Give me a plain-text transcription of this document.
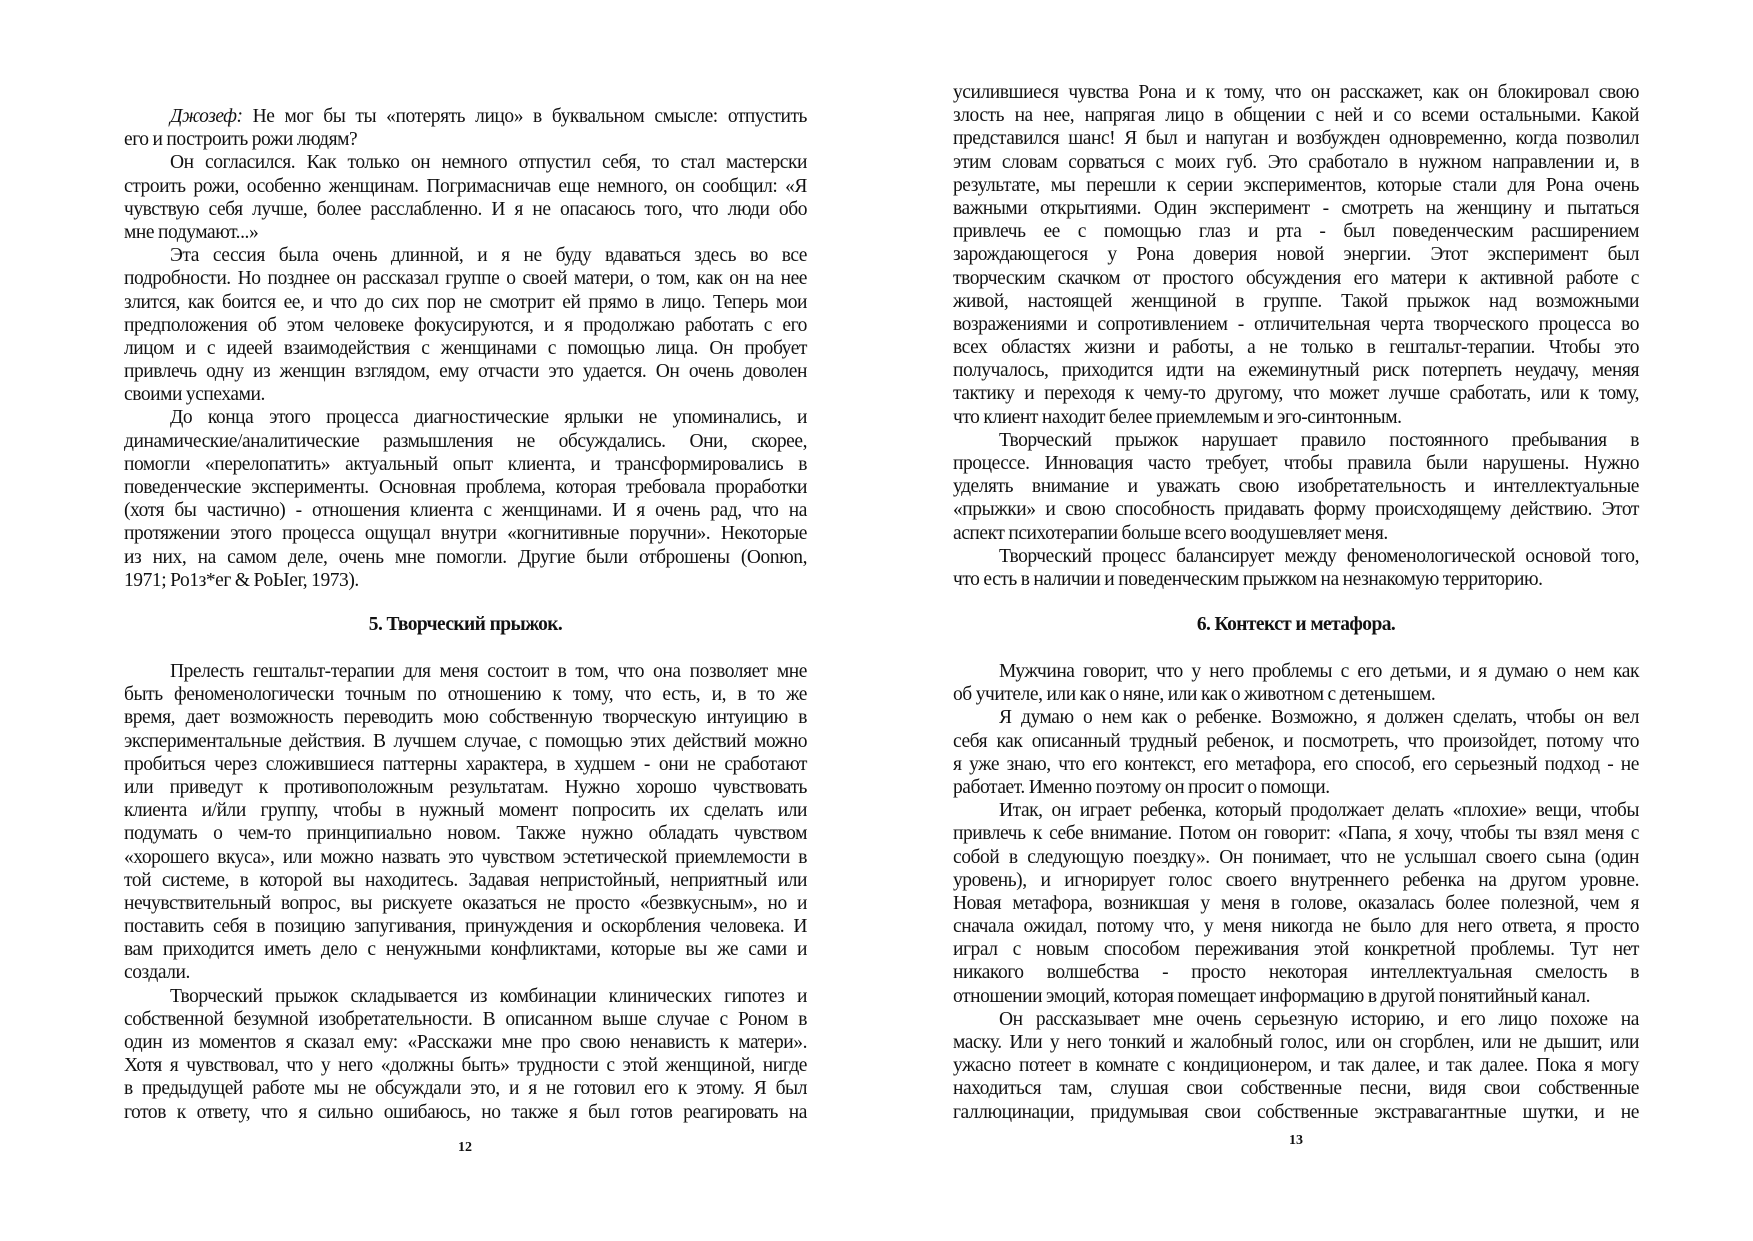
Джозеф: Не мог бы ты «потерять лицо» в буквальном смысле: отпустить
его и построить рожи людям?
Он согласился. Как только он немного отпустил себя, то стал мастерски
строить рожи, особенно женщинам. Погримасничав еще немного, он сообщил: «Я
чувствую себя лучше, более расслабленно. И я не опасаюсь того, что люди обо
мне подумают...»
Эта сессия была очень длинной, и я не буду вдаваться здесь во все
подробности. Но позднее он рассказал группе о своей матери, о том, как он на нее
злится, как боится ее, и что до сих пор не смотрит ей прямо в лицо. Теперь мои
предположения об этом человеке фокусируются, и я продолжаю работать с его
лицом и с идеей взаимодействия с женщинами с помощью лица. Он пробует
привлечь одну из женщин взглядом, ему отчасти это удается. Он очень доволен
своими успехами.
До конца этого процесса диагностические ярлыки не упоминались, и
динамические/аналитические размышления не обсуждались. Они, скорее,
помогли «перелопатить» актуальный опыт клиента, и трансформировались в
поведенческие эксперименты. Основная проблема, которая требовала проработки
(хотя бы частично) - отношения клиента с женщинами. И я очень рад, что на
протяжении этого процесса ощущал внутри «когнитивные поручни». Некоторые
из них, на самом деле, очень мне помогли. Другие были отброшены (Ооnюn,
1971; Ро1з*ег & РоЫег, 1973).
5. Творческий прыжок.
Прелесть гештальт-терапии для меня состоит в том, что она позволяет мне
быть феноменологически точным по отношению к тому, что есть, и, в то же
время, дает возможность переводить мою собственную творческую интуицию в
экспериментальные действия. В лучшем случае, с помощью этих действий можно
пробиться через сложившиеся паттерны характера, в худшем - они не сработают
или приведут к противоположным результатам. Нужно хорошо чувствовать
клиента и/йли группу, чтобы в нужный момент попросить их сделать или
подумать о чем-то принципиально новом. Также нужно обладать чувством
«хорошего вкуса», или можно назвать это чувством эстетической приемлемости в
той системе, в которой вы находитесь. Задавая непристойный, неприятный или
нечувствительный вопрос, вы рискуете оказаться не просто «безвкусным», но и
поставить себя в позицию запугивания, принуждения и оскорбления человека. И
вам приходится иметь дело с ненужными конфликтами, которые вы же сами и
создали.
Творческий прыжок складывается из комбинации клинических гипотез и
собственной безумной изобретательности. В описанном выше случае с Роном в
один из моментов я сказал ему: «Расскажи мне про свою ненависть к матери».
Хотя я чувствовал, что у него «должны быть» трудности с этой женщиной, нигде
в предыдущей работе мы не обсуждали это, и я не готовил его к этому. Я был
готов к ответу, что я сильно ошибаюсь, но также я был готов реагировать на
12
усилившиеся чувства Рона и к тому, что он расскажет, как он блокировал свою
злость на нее, напрягая лицо в общении с ней и со всеми остальными. Какой
представился шанс! Я был и напуган и возбужден одновременно, когда позволил
этим словам сорваться с моих губ. Это сработало в нужном направлении и, в
результате, мы перешли к серии экспериментов, которые стали для Рона очень
важными открытиями. Один эксперимент - смотреть на женщину и пытаться
привлечь ее с помощью глаз и рта - был поведенческим расширением
зарождающегося у Рона доверия новой энергии. Этот эксперимент был
творческим скачком от простого обсуждения его матери к активной работе с
живой, настоящей женщиной в группе. Такой прыжок над возможными
возражениями и сопротивлением - отличительная черта творческого процесса во
всех областях жизни и работы, а не только в гештальт-терапии. Чтобы это
получалось, приходится идти на ежеминутный риск потерпеть неудачу, меняя
тактику и переходя к чему-то другому, что может лучше сработать, или к тому,
что клиент находит белее приемлемым и эго-синтонным.
Творческий прыжок нарушает правило постоянного пребывания в
процессе. Инновация часто требует, чтобы правила были нарушены. Нужно
уделять внимание и уважать свою изобретательность и интеллектуальные
«прыжки» и свою способность придавать форму происходящему действию. Этот
аспект психотерапии больше всего воодушевляет меня.
Творческий процесс балансирует между феноменологической основой того,
что есть в наличии и поведенческим прыжком на незнакомую территорию.
6. Контекст и метафора.
Мужчина говорит, что у него проблемы с его детьми, и я думаю о нем как
об учителе, или как о няне, или как о животном с детенышем.
Я думаю о нем как о ребенке. Возможно, я должен сделать, чтобы он вел
себя как описанный трудный ребенок, и посмотреть, что произойдет, потому что
я уже знаю, что его контекст, его метафора, его способ, его серьезный подход - не
работает. Именно поэтому он просит о помощи.
Итак, он играет ребенка, который продолжает делать «плохие» вещи, чтобы
привлечь к себе внимание. Потом он говорит: «Папа, я хочу, чтобы ты взял меня с
собой в следующую поездку». Он понимает, что не услышал своего сына (один
уровень), и игнорирует голос своего внутреннего ребенка на другом уровне.
Новая метафора, возникшая у меня в голове, оказалась более полезной, чем я
сначала ожидал, потому что, у меня никогда не было для него ответа, я просто
играл с новым способом переживания этой конкретной проблемы. Тут нет
никакого волшебства - просто некоторая интеллектуальная смелость в
отношении эмоций, которая помещает информацию в другой понятийный канал.
Он рассказывает мне очень серьезную историю, и его лицо похоже на
маску. Или у него тонкий и жалобный голос, или он сгорблен, или не дышит, или
ужасно потеет в комнате с кондиционером, и так далее, и так далее. Пока я могу
находиться там, слушая свои собственные песни, видя свои собственные
галлюцинации, придумывая свои собственные экстравагантные шутки, и не
13
